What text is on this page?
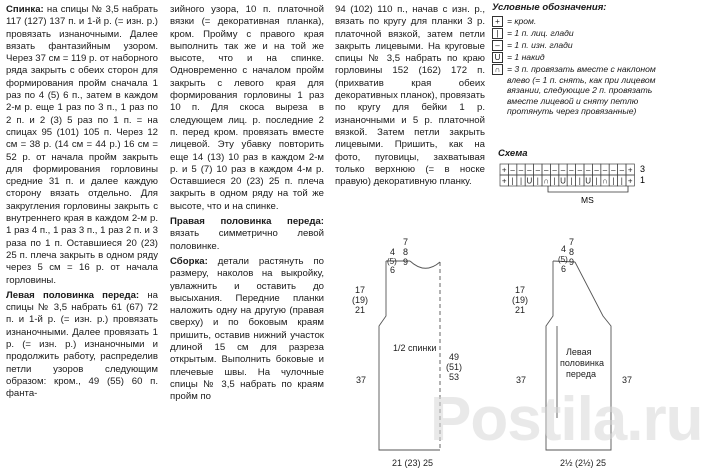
Спинка: на спицы № 3,5 набрать 117 (127) 137 п. и 1-й р. (= изн. р.) провязать изнаночными. Далее вязать фантазийным узором. Через 37 см = 119 р. от наборного ряда закрыть с обеих сторон для формирования пройм сначала 1 раз по 4 (5) 6 п., затем в каждом 2-м р. еще 1 раз по 3 п., 1 раз по 2 п. и 2 (3) 5 раз по 1 п. = на спицах 95 (101) 105 п. Через 12 см = 38 р. (14 см = 44 р.) 16 см = 52 р. от начала пройм закрыть для формирования горловины средние 31 п. и далее каждую сторону вязать отдельно. Для закругления горловины закрыть с внутреннего края в каждом 2-м р. 1 раз 4 п., 1 раз 3 п., 1 раз 2 п. и 3 раза по 1 п. Оставшиеся 20 (23) 25 п. плеча закрыть в одном ряду через 5 см = 16 р. от начала горловины.

Левая половинка переда: на спицы № 3,5 набрать 61 (67) 72 п. и 1-й р. (= изн. р.) провязать изнаночными. Далее провязать 1 р. (= изн. р.) изнаночными и продолжить работу, распределив петли узоров следующим образом: кром., 49 (55) 60 п. фанта-

зийного узора, 10 п. платочной вязки (= декоративная планка), кром. Пройму с правого края выполнить так же и на той же высоте, что и на спинке. Одновременно с началом пройм закрыть с левого края для формирования горловины 1 раз 10 п. Для скоса выреза в следующем лиц. р. последние 2 п. перед кром. провязать вместе лицевой. Эту убавку повторить еще 14 (13) 10 раз в каждом 2-м р. и 5 (7) 10 раз в каждом 4-м р. Оставшиеся 20 (23) 25 п. плеча закрыть в одном ряду на той же высоте, что и на спинке.

Правая половинка переда: вязать симметрично левой половинке.

Сборка: детали растянуть по размеру, наколов на выкройку, увлажнить и оставить до высыхания. Передние планки наложить одну на другую (правая сверху) и по боковым краям пришить, оставив нижний участок длиной 15 см для разреза открытым. Выполнить боковые и плечевые швы. На чулочные спицы № 3,5 набрать по краям пройм по

94 (102) 110 п., начав с изн. р., вязать по кругу для планки 3 р. платочной вязкой, затем петли закрыть лицевыми. На круговые спицы № 3,5 набрать по краю горловины 152 (162) 172 п. (прихватив края обеих декоративных планок), провязать по кругу для бейки 1 р. изнаночными и 5 р. платочной вязкой. Затем петли закрыть лицевыми. Пришить, как на фото, пуговицы, захватывая только верхнюю (= в носке правую) декоративную планку.

Условные обозначения:
+ = кром.
| = 1 п. лиц. глади
– = 1 п. изн. глади
U = 1 накид
∩ = 3 п. провязать вместе с наклоном влево (= 1 п. снять, как при лицевом вязании, следующие 2 п. провязать вместе лицевой и сняту петлю протянуть через провязанные)
Схема
+ – – – – – – – – – – – – – – +
+ | | U | ∩ | U | | U | ∩ | | +
3
1
MS
4
(5)
6
7
8
9
17
(19)
21
37
1/2 спинки
49
(51)
53
21 (23) 25
4
(5)
6
7
8
9
17
(19)
21
37
Левая
половинка
переда
37
2½ (2½) 25
Postila.ru
